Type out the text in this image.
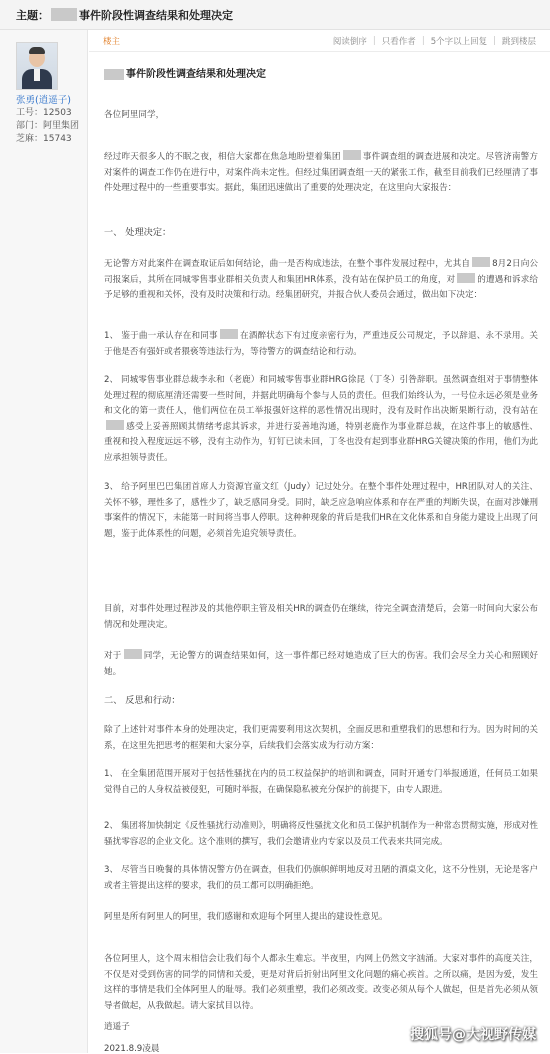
主题：	事件阶段性调查结果和处理决定
张勇(逍遥子)
工号：12503
部门：阿里集团
芝麻：15743
楼主	阅读倒序 | 只看作者 | 5个字以上回复 | 跳到楼层
事件阶段性调查结果和处理决定

各位阿里同学，

经过昨天很多人的不眠之夜，相信大家都在焦急地盼望着集团	事件调查组的调查进展和决定。尽管济南警方对案件的调查工作仍在进行中，对案件尚未定性。但经过集团调查组一天的紧张工作，截至目前我们已经厘清了事件处理过程中的一些重要事实。据此，集团迅速做出了重要的处理决定，在这里向大家报告：

一、 处理决定：

无论警方对此案件在调查取证后如何结论，曲一是否构成违法，在整个事件发展过程中，尤其自	8月2日向公司报案后，其所在同城零售事业群相关负责人和集团HR体系，没有站在保护员工的角度，对	的遭遇和诉求给予足够的重视和关怀，没有及时决策和行动。经集团研究，并报合伙人委员会通过，做出如下决定：

1、 鉴于曲一承认存在和同事	在酒醉状态下有过度亲密行为，严重违反公司规定，予以辞退、永不录用。关于他是否有强奸或者猥亵等违法行为，等待警方的调查结论和行动。

2、 同城零售事业群总裁李永和（老鹿）和同城零售事业群HRG徐昆（丁冬）引咎辞职。虽然调查组对于事情整体处理过程的彻底厘清还需要一些时间，并据此明确每个参与人员的责任。但我们始终认为，一号位永远必须是业务和文化的第一责任人，他们两位在员工举报强奸这样的恶性情况出现时，没有及时作出决断果断行动，没有站在感受上妥善照顾其情绪考虑其诉求，并进行妥善地沟通，特别老鹿作为事业群总裁，在这件事上的敏感性、重视和投入程度远远不够，没有主动作为，钉钉已读未回，丁冬也没有起到事业群HRG关键决策的作用，他们为此应承担领导责任。

3、 给予阿里巴巴集团首席人力资源官童文红（Judy）记过处分。在整个事件处理过程中，HR团队对人的关注、关怀不够，理性多了，感性少了，缺乏感同身受。同时，缺乏应急响应体系和存在严重的判断失误，在面对涉嫌刑事案件的情况下，未能第一时间将当事人停职。这种种现象的背后是我们HR在文化体系和自身能力建设上出现了问题，鉴于此体系性的问题，必须首先追究领导责任。

目前，对事件处理过程涉及的其他停职主管及相关HR的调查仍在继续，待完全调查清楚后，会第一时间向大家公布情况和处理决定。

对于	同学，无论警方的调查结果如何，这一事件都已经对她造成了巨大的伤害。我们会尽全力关心和照顾好她。

二、 反思和行动：

除了上述针对事件本身的处理决定，我们更需要利用这次契机，全面反思和重塑我们的思想和行为。因为时间的关系，在这里先把思考的框架和大家分享，后续我们会落实成为行动方案：

1、 在全集团范围开展对于包括性骚扰在内的员工权益保护的培训和调查，同时开通专门举报通道，任何员工如果觉得自己的人身权益被侵犯，可随时举报，在确保隐私被充分保护的前提下，由专人跟进。

2、 集团将加快制定《反性骚扰行动准则》，明确将反性骚扰文化和员工保护机制作为一种常态贯彻实施，形成对性骚扰零容忍的企业文化。这个准则的撰写，我们会邀请业内专家以及员工代表来共同完成。

3、 尽管当日晚餐的具体情况警方仍在调查，但我们仍旗帜鲜明地反对丑陋的酒桌文化，这不分性别，无论是客户或者主管提出这样的要求，我们的员工都可以明确拒绝。

阿里是所有阿里人的阿里，我们感谢和欢迎每个阿里人提出的建设性意见。

各位阿里人，这个周末相信会让我们每个人都永生难忘。半夜里，内网上仍然文字汹涌。大家对事件的高度关注，不仅是对受到伤害的同学的同情和关爱，更是对背后折射出阿里文化问题的痛心疾首。之所以痛，是因为爱，发生这样的事情是我们全体阿里人的耻辱。我们必须重塑，我们必须改变。改变必须从每个人做起，但是首先必须从领导者做起，从我做起。请大家拭目以待。

逍遥子
2021.8.9凌晨
搜狐号@大视野传媒
